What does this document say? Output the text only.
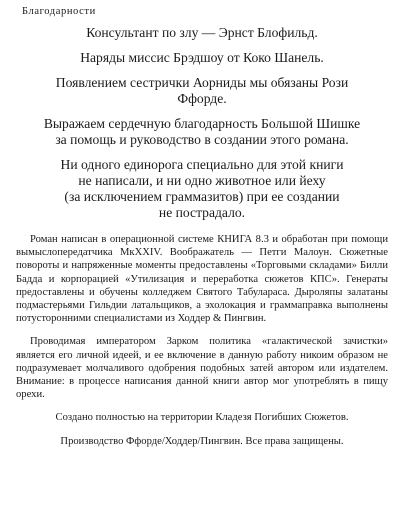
Благодарности

Консультант по злу — Эрнст Блофильд.

Наряды миссис Брэдшоу от Коко Шанель.

Появлением сестрички Аорниды мы обязаны Рози
Ффорде.

Выражаем сердечную благодарность Большой Шишке
за помощь и руководство в создании этого романа.

Ни одного единорога специально для этой книги
не написали, и ни одно животное или йеху
(за исключением граммазитов) при ее создании
не пострадало.

Роман написан в операционной системе КНИГА 8.3 и обработан при помощи вымыслопередатчика MкXXIV. Воображатель — Петги Малоун. Сюжетные повороты и напряженные моменты предоставлены «Торговыми складами» Билли Бадда и корпорацией «Утилизация и переработка сюжетов КПС». Генераты предоставлены и обучены колледжем Святого Табулараса. Дыроляпы залатаны подмастерьями Гильдии латальщиков, а эхолокация и граммаправка выполнены потусторонними специалистами из Ходдер & Пингвин.

Проводимая императором Зарком политика «галактической зачистки» является его личной идеей, и ее включение в данную работу никоим образом не подразумевает молчаливого одобрения подобных затей автором или издателем. Внимание: в процессе написания данной книги автор мог употреблять в пищу орехи.

Создано полностью на территории Кладезя Погибших Сюжетов.

Производство Ффорде/Ходдер/Пингвин. Все права защищены.
